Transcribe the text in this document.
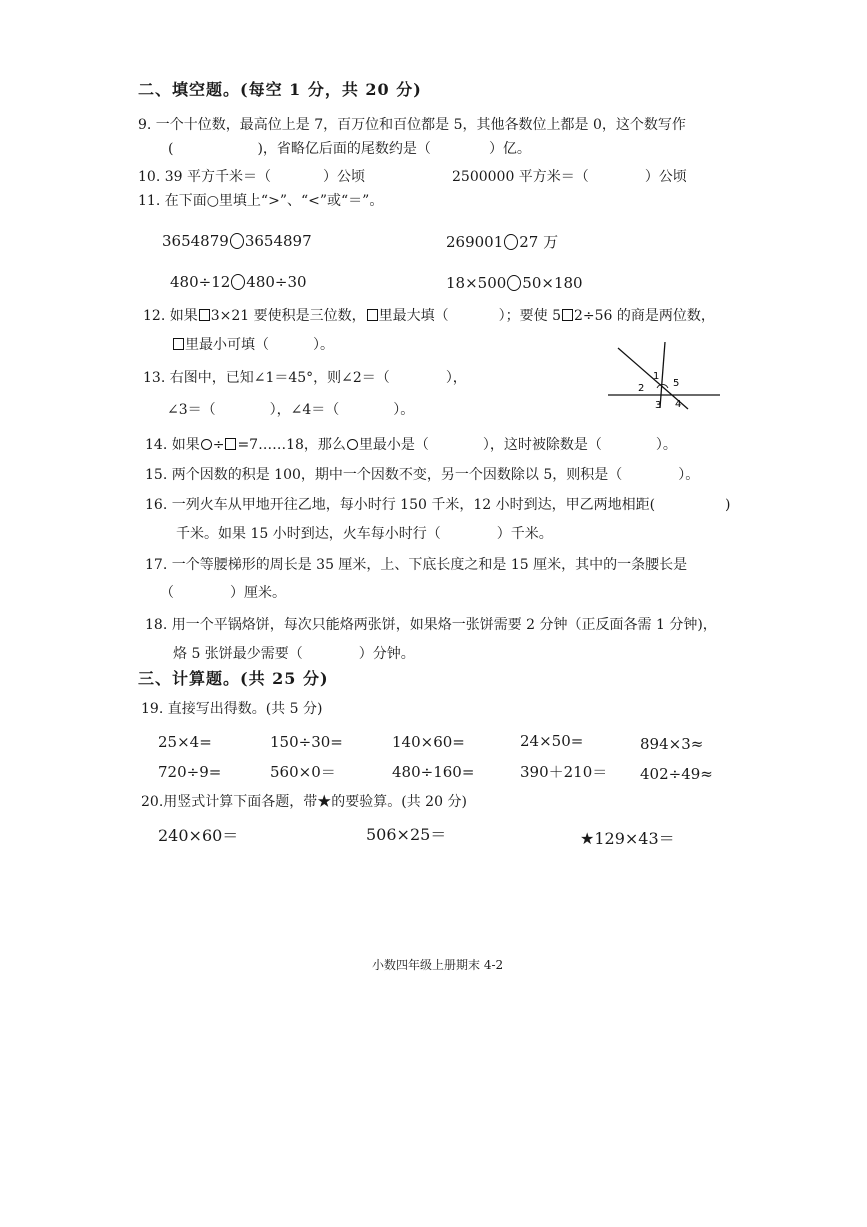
二、填空题。(每空 1 分，共 20 分)
9. 一个十位数，最高位上是 7，百万位和百位都是 5，其他各数位上都是 0，这个数写作
(	)，省略亿后面的尾数约是（	）亿。
10. 39 平方千米＝（	）公顷	2500000 平方米＝（	）公顷
11. 在下面○里填上“>”、“<”或“＝”。
3654879 3654897	269001 27 万
480÷12 480÷30	18×500 50×180
12. 如果 3×21 要使积是三位数， 里最大填（	）；要使 5 2÷56 的商是两位数，
里最小可填（	）。
13. 右图中，已知∠1＝45°，则∠2＝（	），
∠3＝（	），∠4＝（	）。
1
2
3 4
5
14. 如果 ÷ =7……18，那么 里最小是（	），这时被除数是（	）。
15. 两个因数的积是 100，期中一个因数不变，另一个因数除以 5，则积是（　　　　）。
16. 一列火车从甲地开往乙地，每小时行 150 千米，12 小时到达，甲乙两地相距(　　　　　)
千米。如果 15 小时到达，火车每小时行（　　　　）千米。
17. 一个等腰梯形的周长是 35 厘米，上、下底长度之和是 15 厘米，其中的一条腰长是
（　　　　）厘米。
18. 用一个平锅烙饼，每次只能烙两张饼，如果烙一张饼需要 2 分钟（正反面各需 1 分钟)，
烙 5 张饼最少需要（　　　　）分钟。
三、计算题。(共 25 分)
19. 直接写出得数。(共 5 分)
25×4=	150÷30=	140×60=	24×50=	894×3≈
720÷9=	560×0＝	480÷160=	390＋210＝ 402÷49≈
20.用竖式计算下面各题，带★的要验算。(共 20 分)
240×60＝	506×25＝	★129×43＝
小数四年级上册期末 4-2
